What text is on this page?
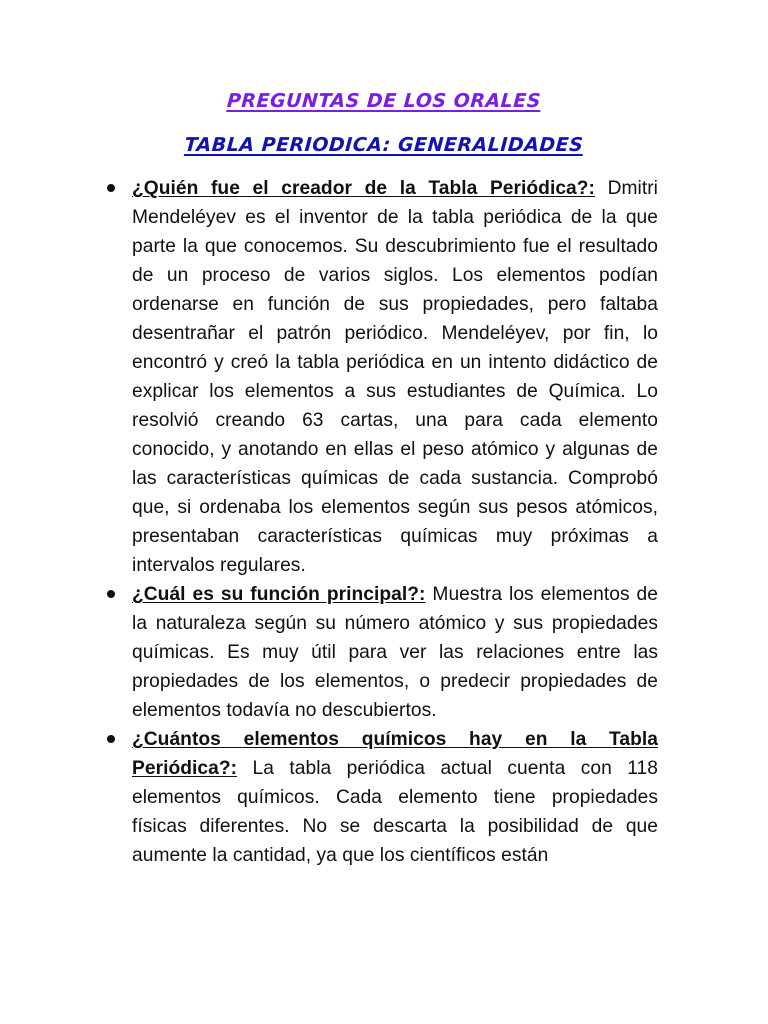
PREGUNTAS DE LOS ORALES
TABLA PERIODICA: GENERALIDADES

¿Quién fue el creador de la Tabla Periódica?: Dmitri Mendeléyev es el inventor de la tabla periódica de la que parte la que conocemos. Su descubrimiento fue el resultado de un proceso de varios siglos. Los elementos podían ordenarse en función de sus propiedades, pero faltaba desentrañar el patrón periódico. Mendeléyev, por fin, lo encontró y creó la tabla periódica en un intento didáctico de explicar los elementos a sus estudiantes de Química. Lo resolvió creando 63 cartas, una para cada elemento conocido, y anotando en ellas el peso atómico y algunas de las características químicas de cada sustancia. Comprobó que, si ordenaba los elementos según sus pesos atómicos, presentaban características químicas muy próximas a intervalos regulares.

¿Cuál es su función principal?: Muestra los elementos de la naturaleza según su número atómico y sus propiedades químicas. Es muy útil para ver las relaciones entre las propiedades de los elementos, o predecir propiedades de elementos todavía no descubiertos.

¿Cuántos elementos químicos hay en la Tabla Periódica?: La tabla periódica actual cuenta con 118 elementos químicos. Cada elemento tiene propiedades físicas diferentes. No se descarta la posibilidad de que aumente la cantidad, ya que los científicos están
